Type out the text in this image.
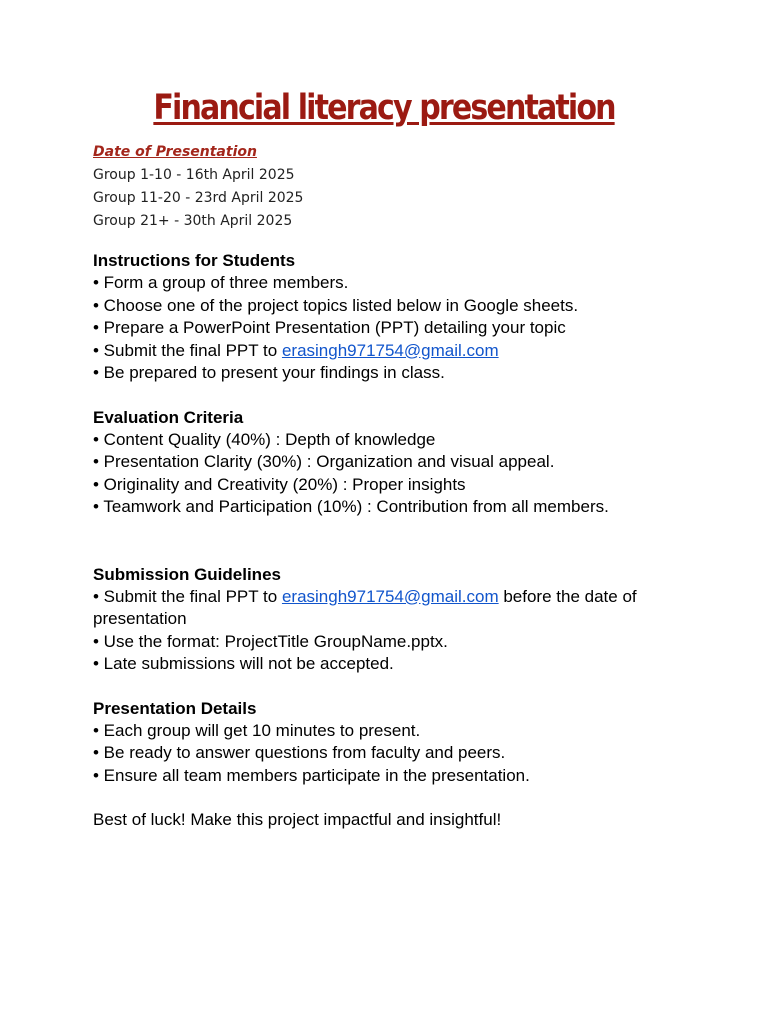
Financial literacy presentation
Date of Presentation
Group 1-10 - 16th April 2025
Group 11-20 - 23rd April 2025
Group 21+ - 30th April 2025
Instructions for Students
• Form a group of three members.
• Choose one of the project topics listed below in Google sheets.
• Prepare a PowerPoint Presentation (PPT) detailing your topic
• Submit the final PPT to erasingh971754@gmail.com
• Be prepared to present your findings in class.
Evaluation Criteria
• Content Quality (40%) : Depth of knowledge
• Presentation Clarity (30%) : Organization and visual appeal.
• Originality and Creativity (20%) : Proper insights
• Teamwork and Participation (10%) : Contribution from all members.
Submission Guidelines
• Submit the final PPT to erasingh971754@gmail.com before the date of
presentation
• Use the format: ProjectTitle GroupName.pptx.
• Late submissions will not be accepted.
Presentation Details
• Each group will get 10 minutes to present.
• Be ready to answer questions from faculty and peers.
• Ensure all team members participate in the presentation.
Best of luck! Make this project impactful and insightful!
